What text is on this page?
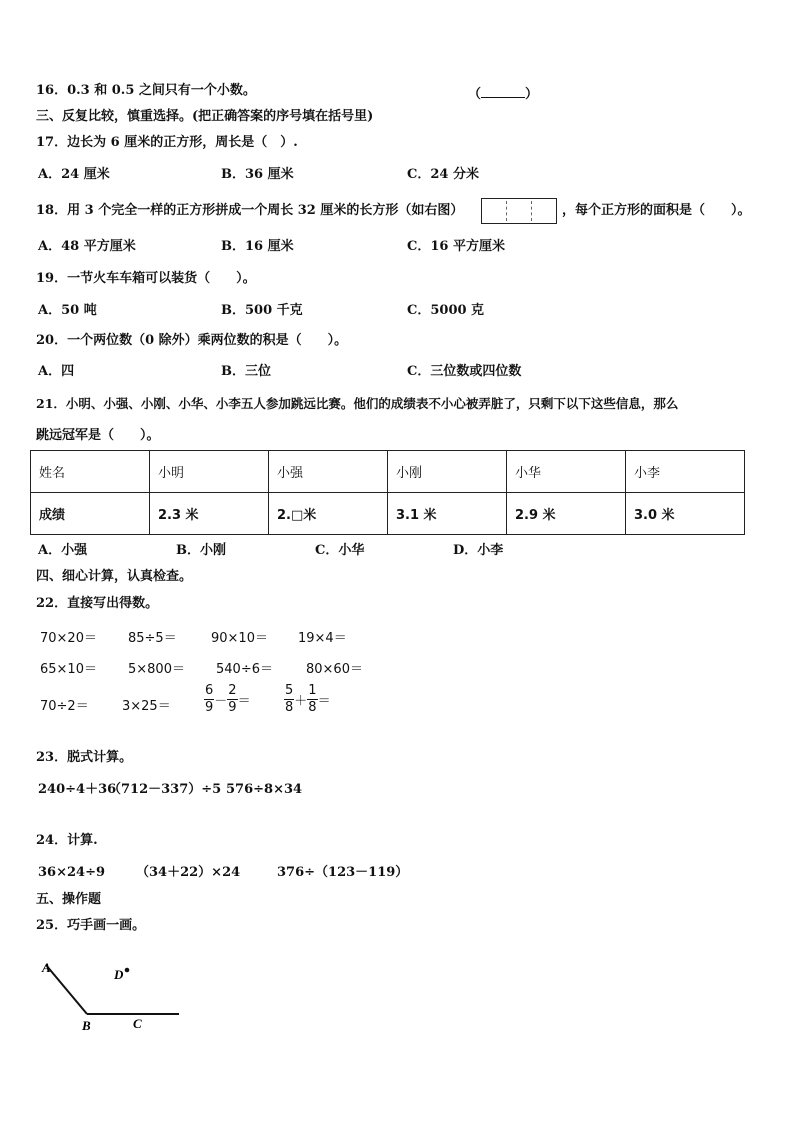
16．0.3 和 0.5 之间只有一个小数。	（	）
三、反复比较，慎重选择。(把正确答案的序号填在括号里)
17．边长为 6 厘米的正方形，周长是（　）.
A．24 厘米	B．36 厘米	C．24 分米
18．用 3 个完全一样的正方形拼成一个周长 32 厘米的长方形（如右图）	，每个正方形的面积是（　　）。
A．48 平方厘米	B．16 厘米	C．16 平方厘米
19．一节火车车箱可以装货（　　）。
A．50 吨	B．500 千克	C．5000 克
20．一个两位数（0 除外）乘两位数的积是（　　）。
A．四	B．三位	C．三位数或四位数
21．小明、小强、小刚、小华、小李五人参加跳远比赛。他们的成绩表不小心被弄脏了，只剩下以下这些信息，那么
跳远冠军是（　　）。
姓名	小明	小强	小刚	小华	小李
成绩	2.3 米	2.□米	3.1 米	2.9 米	3.0 米
A．小强	B．小刚	C．小华	D．小李
四、细心计算，认真检查。
22．直接写出得数。
70×20＝ 85÷5＝	90×10＝ 19×4＝
65×10＝ 5×800＝ 540÷6＝	80×60＝
70÷2＝	3×25＝	$\frac{6}{9} - \frac{2}{9}$ ＝	$\frac{5}{8} + \frac{1}{8}$ ＝
23．脱式计算。
240÷4＋36
（712－337）÷5 576÷8×34
24．计算.
36×24÷9 （34＋22）×24	376÷（123－119）
五、操作题
25．巧手画一画。
A
B	C
D
